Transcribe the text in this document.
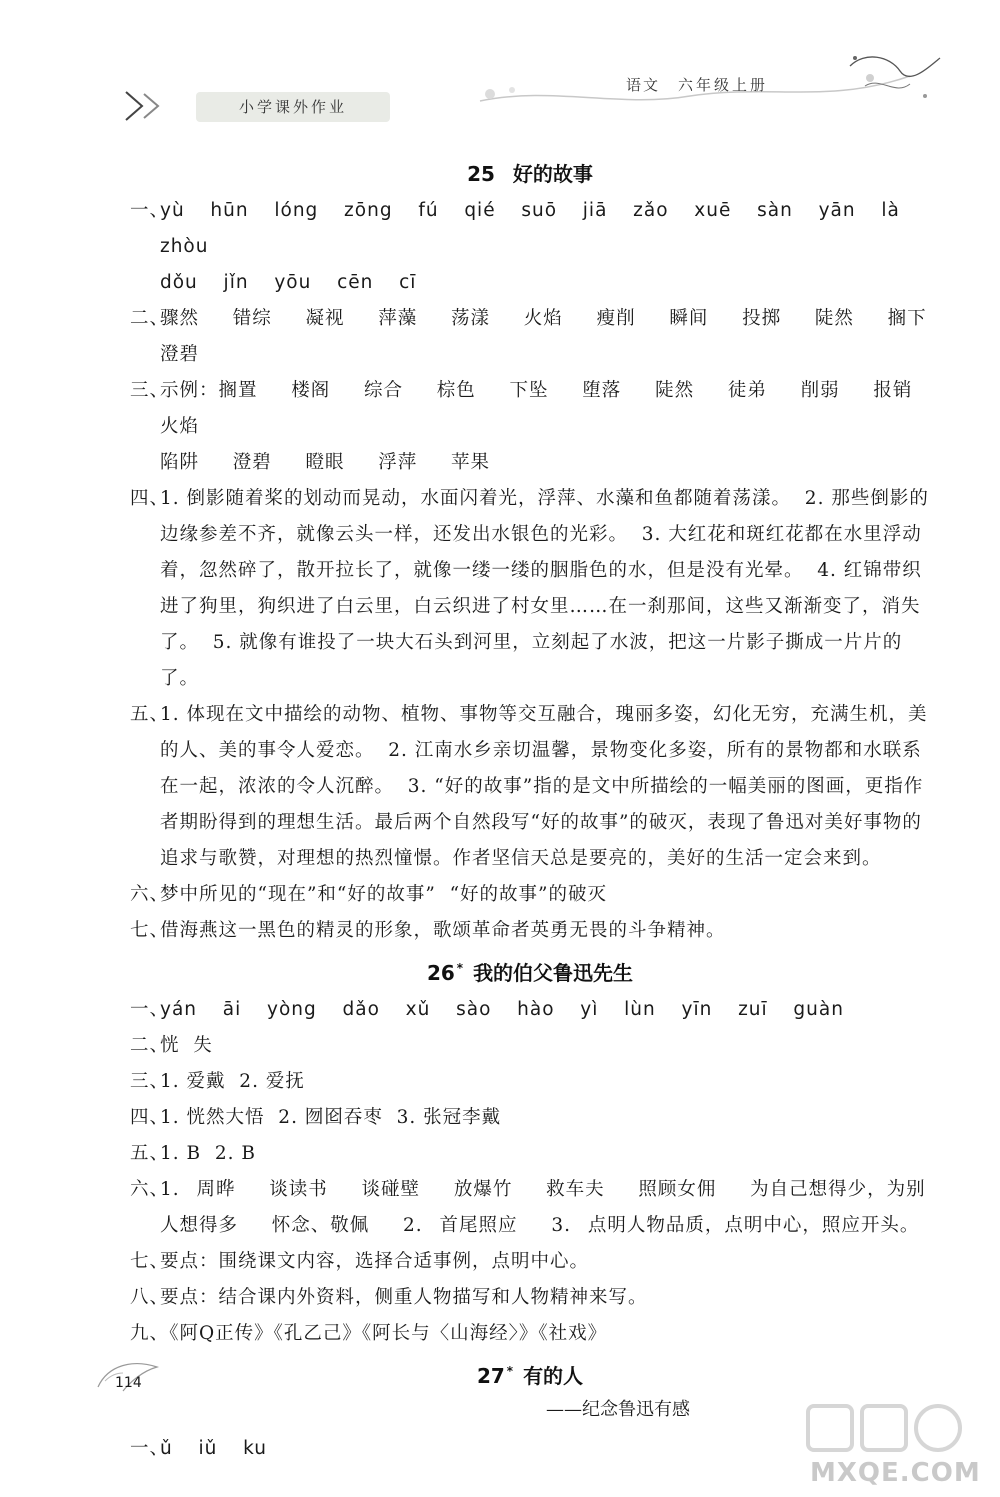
小学课外作业
语文 六年级上册
25 好的故事
一、
yù  hūn  lóng  zōng  fú  qié  suō  jiā  zǎo  xuē  sàn  yān  là  zhòu
dǒu  jǐn  yōu  cēn  cī
二、
骤然  错综  凝视  萍藻  荡漾  火焰  瘦削  瞬间  投掷  陡然  搁下  澄碧
三、
示例：搁置  楼阁  综合  棕色  下坠  堕落  陡然  徒弟  削弱  报销  火焰
陷阱  澄碧  瞪眼  浮萍  苹果
四、
1. 倒影随着桨的划动而晃动，水面闪着光，浮萍、水藻和鱼都随着荡漾。  2. 那些倒影的边缘参差不齐，就像云头一样，还发出水银色的光彩。  3. 大红花和斑红花都在水里浮动着，忽然碎了，散开拉长了，就像一缕一缕的胭脂色的水，但是没有光晕。  4. 红锦带织进了狗里，狗织进了白云里，白云织进了村女里……在一刹那间，这些又渐渐变了，消失了。  5. 就像有谁投了一块大石头到河里，立刻起了水波，把这一片影子撕成一片片的了。
五、
1. 体现在文中描绘的动物、植物、事物等交互融合，瑰丽多姿，幻化无穷，充满生机，美的人、美的事令人爱恋。  2. 江南水乡亲切温馨，景物变化多姿，所有的景物都和水联系在一起，浓浓的令人沉醉。  3. “好的故事”指的是文中所描绘的一幅美丽的图画，更指作者期盼得到的理想生活。最后两个自然段写“好的故事”的破灭，表现了鲁迅对美好事物的追求与歌赞，对理想的热烈憧憬。作者坚信天总是要亮的，美好的生活一定会来到。
六、
梦中所见的“现在”和“好的故事”  “好的故事”的破灭
七、
借海燕这一黑色的精灵的形象，歌颂革命者英勇无畏的斗争精神。
26 * 我的伯父鲁迅先生
一、
yán  āi  yòng  dǎo  xǔ  sào  hào  yì  lùn  yīn  zuī  guàn
二、
恍  失
三、
1. 爱戴  2. 爱抚
四、
1. 恍然大悟  2. 囫囵吞枣  3. 张冠李戴
五、
1. B  2. B
六、
1. 周晔  谈读书  谈碰壁  放爆竹  救车夫  照顾女佣  为自己想得少，为别人想得多  怀念、敬佩  2. 首尾照应  3. 点明人物品质，点明中心，照应开头。
七、
要点：围绕课文内容，选择合适事例，点明中心。
八、
要点：结合课内外资料，侧重人物描写和人物精神来写。
九、
《阿Q正传》《孔乙己》《阿长与〈山海经〉》《社戏》
27 * 有的人
——纪念鲁迅有感
一、
ǔ  iǔ  ku
114
MXQE.COM
